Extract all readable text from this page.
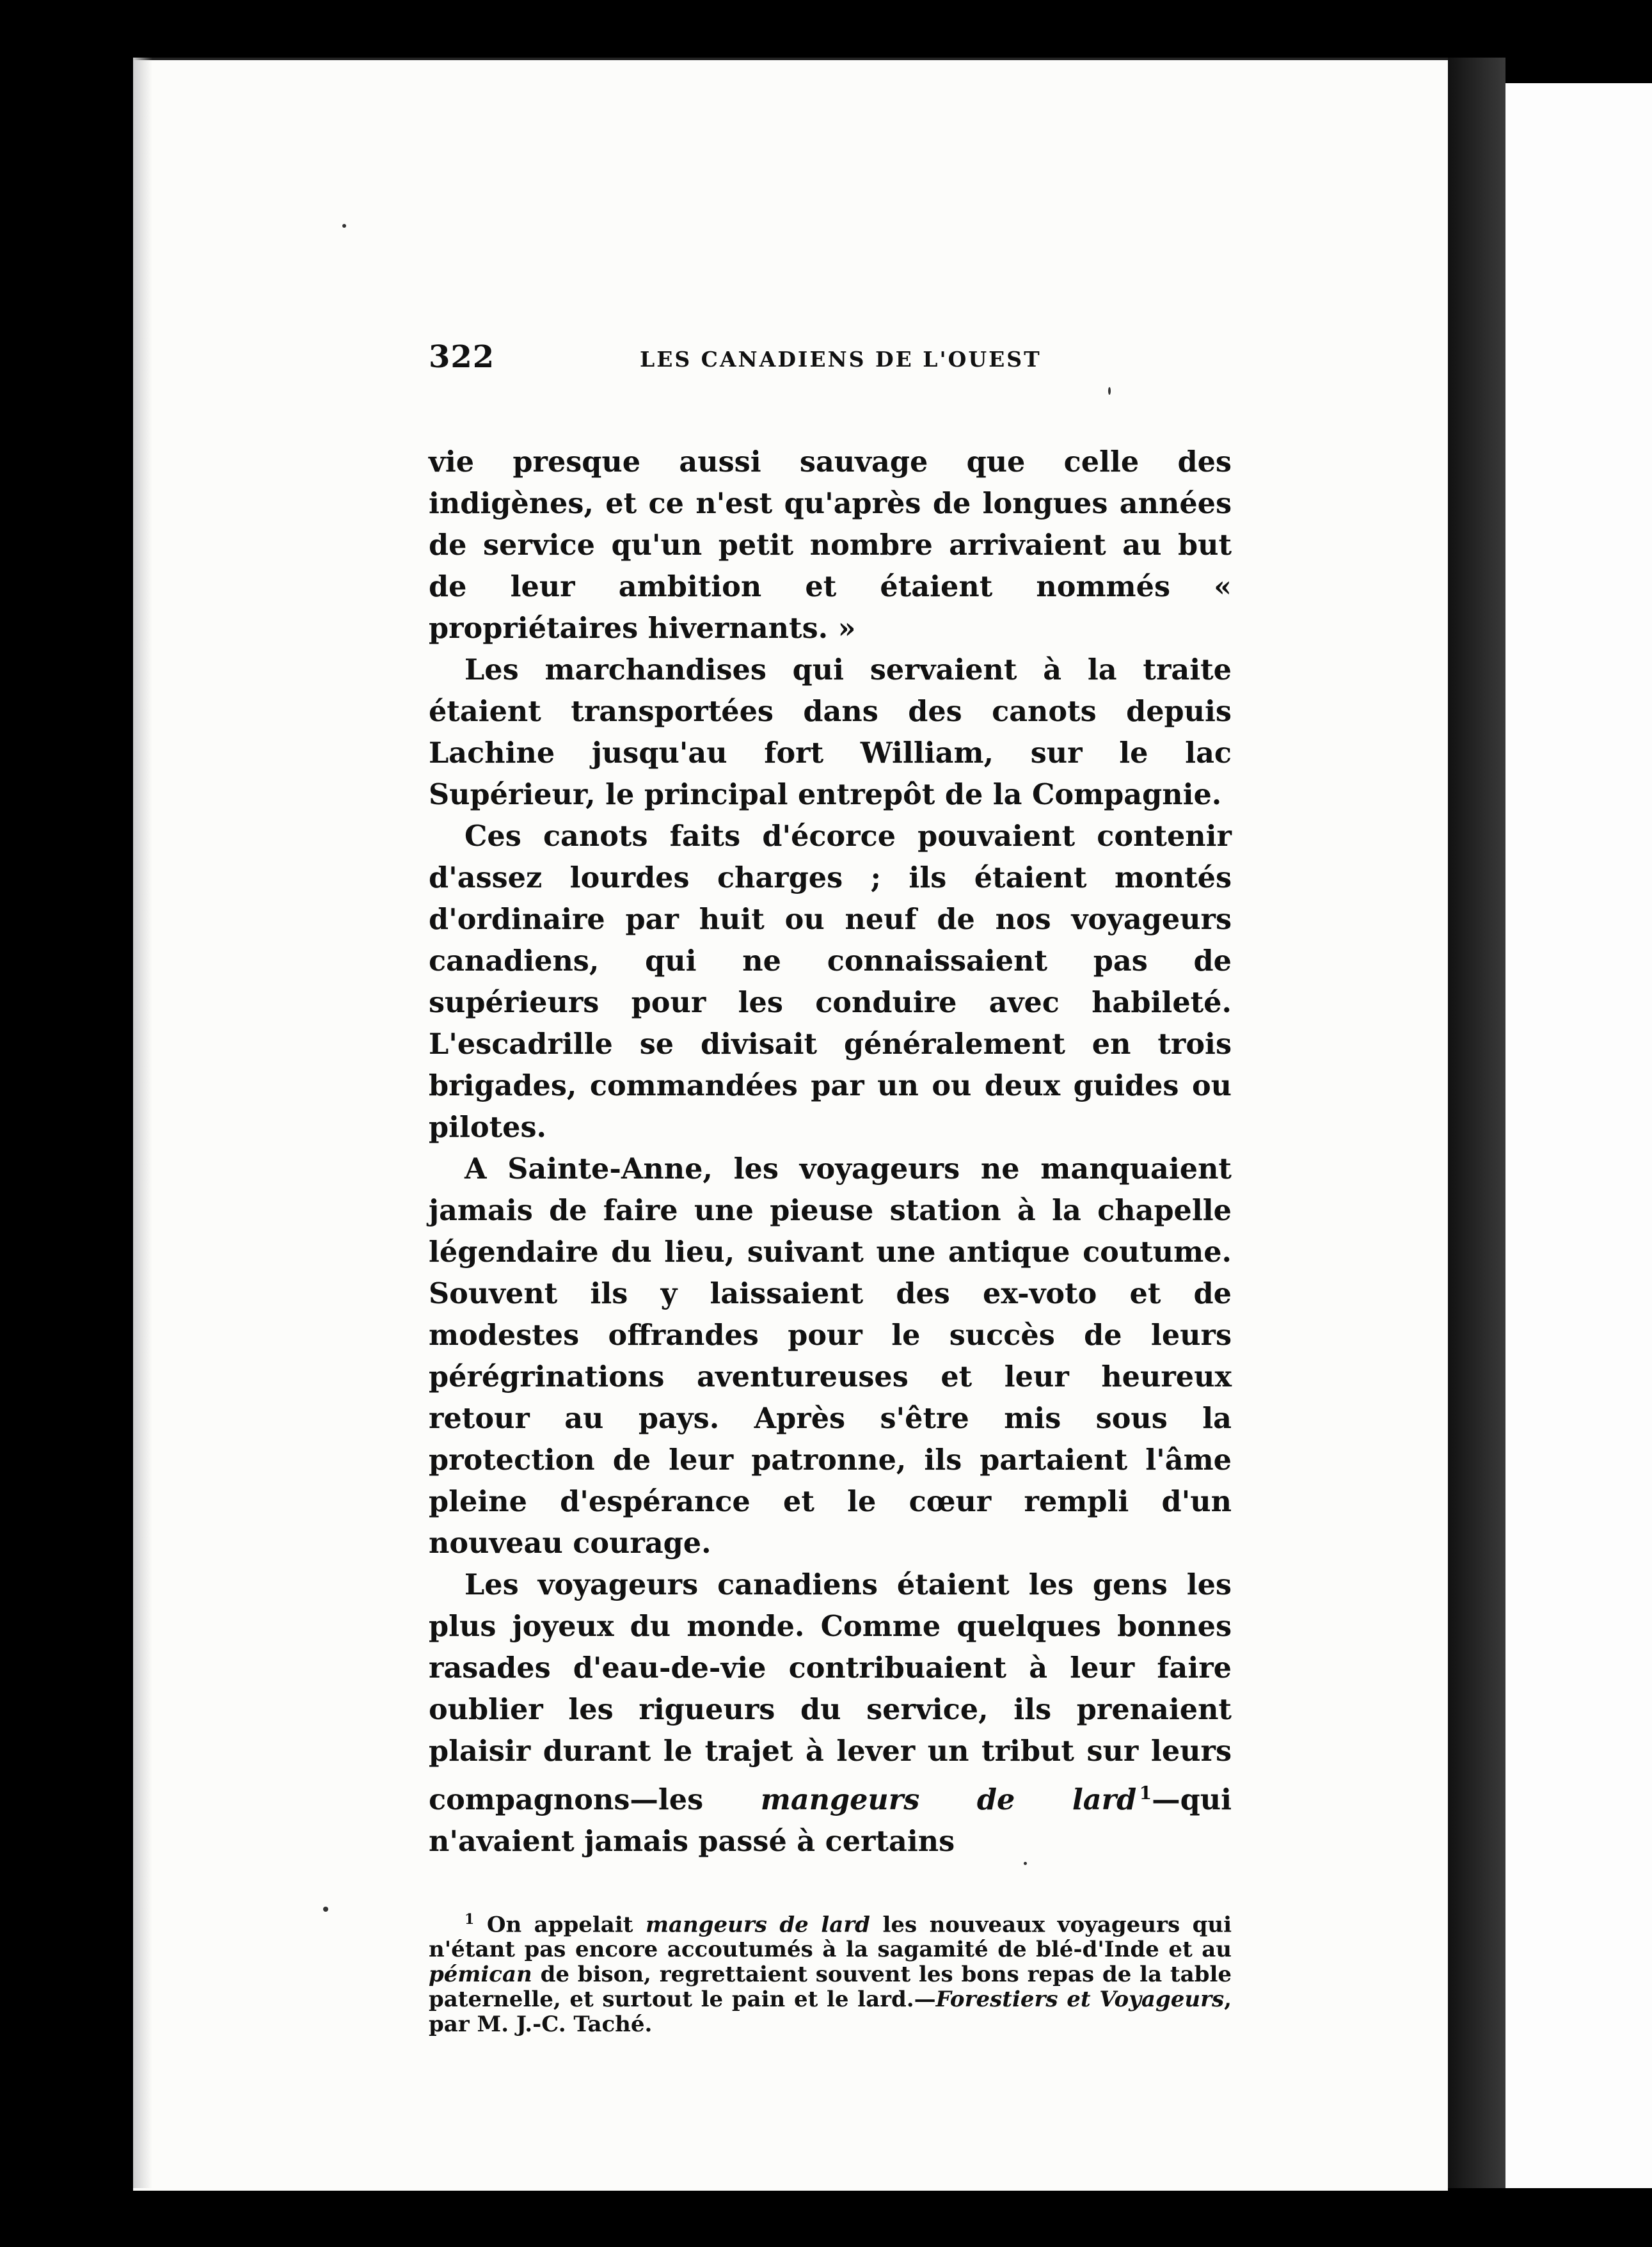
322	LES CANADIENS DE L'OUEST

vie presque aussi sauvage que celle des indigènes, et ce n'est qu'après de longues années de service qu'un petit nombre arrivaient au but de leur ambition et étaient nommés « propriétaires hivernants. »

Les marchandises qui servaient à la traite étaient transportées dans des canots depuis Lachine jusqu'au fort William, sur le lac Supérieur, le principal entrepôt de la Compagnie.

Ces canots faits d'écorce pouvaient contenir d'assez lourdes charges ; ils étaient montés d'ordinaire par huit ou neuf de nos voyageurs canadiens, qui ne connaissaient pas de supérieurs pour les conduire avec habileté. L'escadrille se divisait généralement en trois brigades, commandées par un ou deux guides ou pilotes.

A Sainte-Anne, les voyageurs ne manquaient jamais de faire une pieuse station à la chapelle légendaire du lieu, suivant une antique coutume. Souvent ils y laissaient des ex-voto et de modestes offrandes pour le succès de leurs pérégrinations aventureuses et leur heureux retour au pays. Après s'être mis sous la protection de leur patronne, ils partaient l'âme pleine d'espérance et le cœur rempli d'un nouveau courage.

Les voyageurs canadiens étaient les gens les plus joyeux du monde. Comme quelques bonnes rasades d'eau-de-vie contribuaient à leur faire oublier les rigueurs du service, ils prenaient plaisir durant le trajet à lever un tribut sur leurs compagnons—les mangeurs de lard  $^1$—qui n'avaient jamais passé à certains

$^1$ On appelait mangeurs de lard les nouveaux voyageurs qui n'étant pas encore accoutumés à la sagamité de blé-d'Inde et au pémican de bison, regrettaient souvent les bons repas de la table paternelle, et surtout le pain et le lard.—Forestiers et Voyageurs, par M. J.-C. Taché.
